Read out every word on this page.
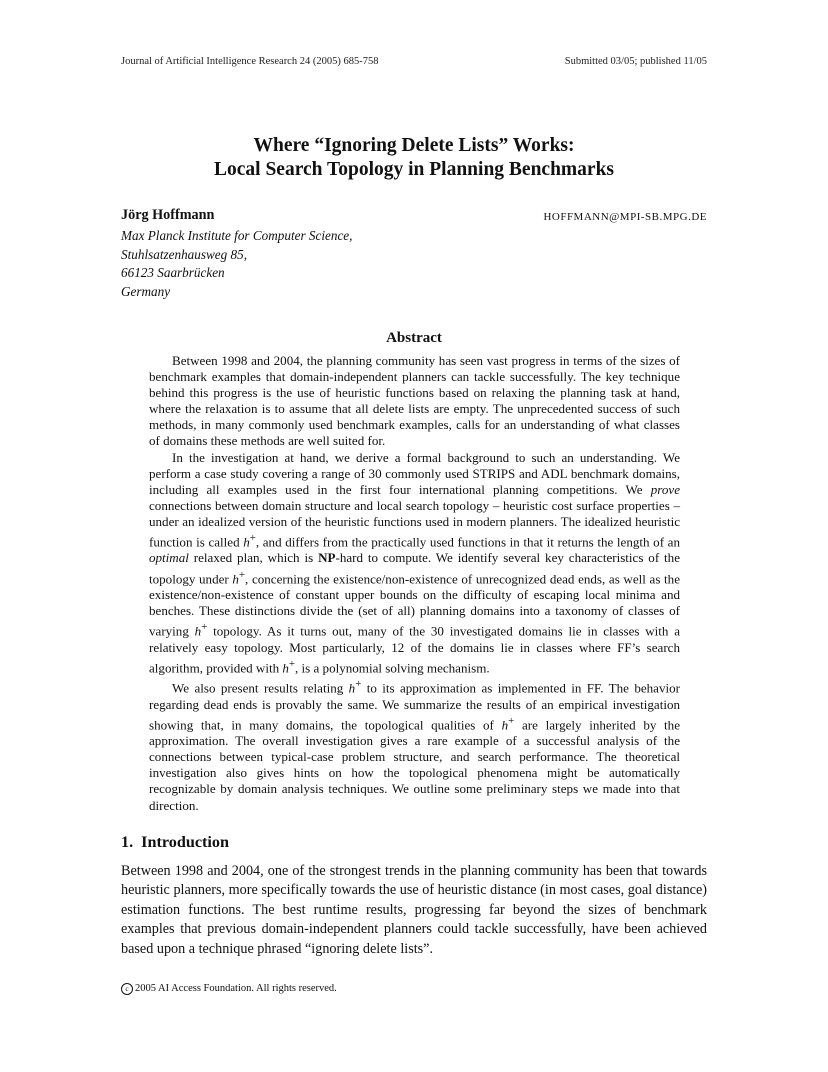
Journal of Artificial Intelligence Research 24 (2005) 685-758	Submitted 03/05; published 11/05
Where “Ignoring Delete Lists” Works:
Local Search Topology in Planning Benchmarks
Jörg Hoffmann	HOFFMANN@MPI-SB.MPG.DE
Max Planck Institute for Computer Science,
Stuhlsatzenhausweg 85,
66123 Saarbrücken
Germany
Abstract

Between 1998 and 2004, the planning community has seen vast progress in terms of the sizes of benchmark examples that domain-independent planners can tackle successfully. The key technique behind this progress is the use of heuristic functions based on relaxing the planning task at hand, where the relaxation is to assume that all delete lists are empty. The unprecedented success of such methods, in many commonly used benchmark examples, calls for an understanding of what classes of domains these methods are well suited for.

In the investigation at hand, we derive a formal background to such an understanding. We perform a case study covering a range of 30 commonly used STRIPS and ADL benchmark domains, including all examples used in the first four international planning competitions. We prove connections between domain structure and local search topology – heuristic cost surface properties – under an idealized version of the heuristic functions used in modern planners. The idealized heuristic function is called h+, and differs from the practically used functions in that it returns the length of an optimal relaxed plan, which is NP-hard to compute. We identify several key characteristics of the topology under h+, concerning the existence/non-existence of unrecognized dead ends, as well as the existence/non-existence of constant upper bounds on the difficulty of escaping local minima and benches. These distinctions divide the (set of all) planning domains into a taxonomy of classes of varying h+ topology. As it turns out, many of the 30 investigated domains lie in classes with a relatively easy topology. Most particularly, 12 of the domains lie in classes where FF’s search algorithm, provided with h+, is a polynomial solving mechanism.

We also present results relating h+ to its approximation as implemented in FF. The behavior regarding dead ends is provably the same. We summarize the results of an empirical investigation showing that, in many domains, the topological qualities of h+ are largely inherited by the approximation. The overall investigation gives a rare example of a successful analysis of the connections between typical-case problem structure, and search performance. The theoretical investigation also gives hints on how the topological phenomena might be automatically recognizable by domain analysis techniques. We outline some preliminary steps we made into that direction.

1. Introduction

Between 1998 and 2004, one of the strongest trends in the planning community has been that towards heuristic planners, more specifically towards the use of heuristic distance (in most cases, goal distance) estimation functions. The best runtime results, progressing far beyond the sizes of benchmark examples that previous domain-independent planners could tackle successfully, have been achieved based upon a technique phrased “ignoring delete lists”.

c 2005 AI Access Foundation. All rights reserved.
